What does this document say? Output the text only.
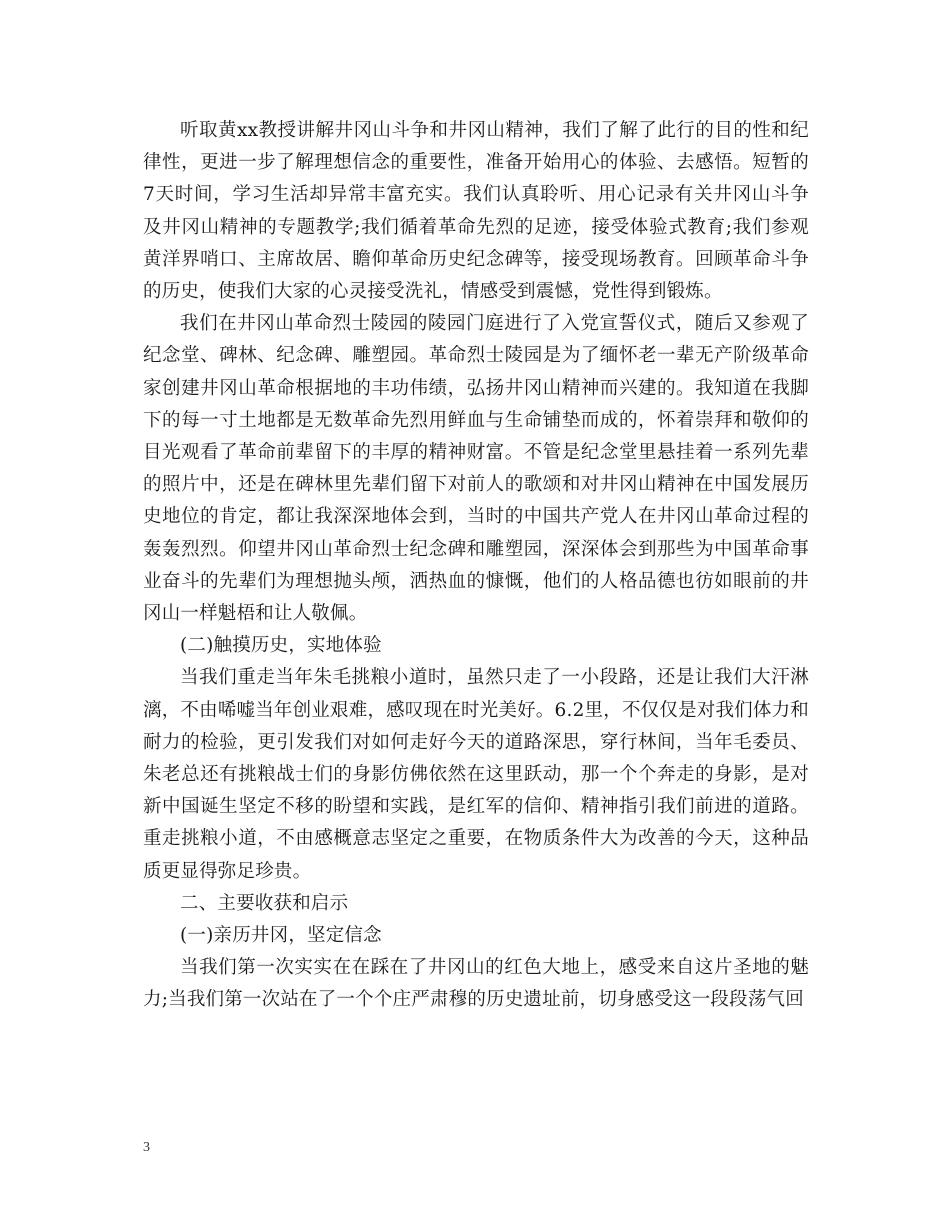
听取黄xx教授讲解井冈山斗争和井冈山精神，我们了解了此行的目的性和纪律性，更进一步了解理想信念的重要性，准备开始用心的体验、去感悟。短暂的7天时间，学习生活却异常丰富充实。我们认真聆听、用心记录有关井冈山斗争及井冈山精神的专题教学;我们循着革命先烈的足迹，接受体验式教育;我们参观黄洋界哨口、主席故居、瞻仰革命历史纪念碑等，接受现场教育。回顾革命斗争的历史，使我们大家的心灵接受洗礼，情感受到震憾，党性得到锻炼。

我们在井冈山革命烈士陵园的陵园门庭进行了入党宣誓仪式，随后又参观了纪念堂、碑林、纪念碑、雕塑园。革命烈士陵园是为了缅怀老一辈无产阶级革命家创建井冈山革命根据地的丰功伟绩，弘扬井冈山精神而兴建的。我知道在我脚下的每一寸土地都是无数革命先烈用鲜血与生命铺垫而成的，怀着崇拜和敬仰的目光观看了革命前辈留下的丰厚的精神财富。不管是纪念堂里悬挂着一系列先辈的照片中，还是在碑林里先辈们留下对前人的歌颂和对井冈山精神在中国发展历史地位的肯定，都让我深深地体会到，当时的中国共产党人在井冈山革命过程的轰轰烈烈。仰望井冈山革命烈士纪念碑和雕塑园，深深体会到那些为中国革命事业奋斗的先辈们为理想抛头颅，洒热血的慷慨，他们的人格品德也彷如眼前的井冈山一样魁梧和让人敬佩。

(二)触摸历史，实地体验

当我们重走当年朱毛挑粮小道时，虽然只走了一小段路，还是让我们大汗淋漓，不由唏嘘当年创业艰难，感叹现在时光美好。6.2里，不仅仅是对我们体力和耐力的检验，更引发我们对如何走好今天的道路深思，穿行林间，当年毛委员、朱老总还有挑粮战士们的身影仿佛依然在这里跃动，那一个个奔走的身影，是对新中国诞生坚定不移的盼望和实践，是红军的信仰、精神指引我们前进的道路。重走挑粮小道，不由感概意志坚定之重要，在物质条件大为改善的今天，这种品质更显得弥足珍贵。

二、主要收获和启示

(一)亲历井冈，坚定信念

当我们第一次实实在在踩在了井冈山的红色大地上，感受来自这片圣地的魅力;当我们第一次站在了一个个庄严肃穆的历史遗址前，切身感受这一段段荡气回

3
